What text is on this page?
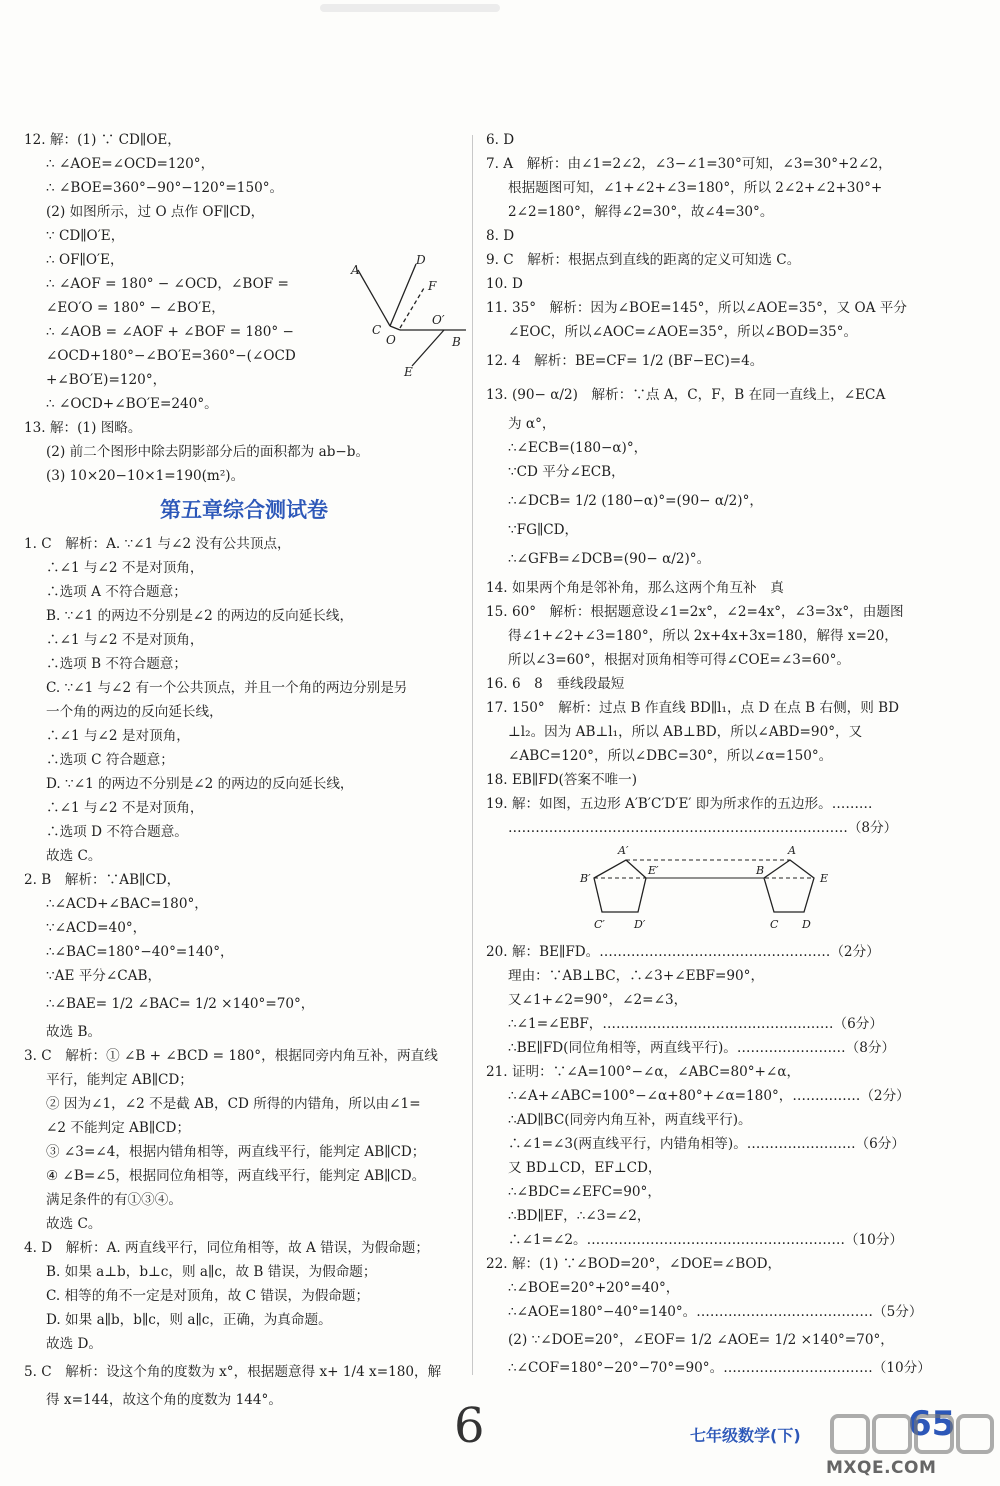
12. 解：(1) ∵ CD∥OE，
∴ ∠AOE=∠OCD=120°，
∴ ∠BOE=360°−90°−120°=150°。
(2) 如图所示，过 O 点作 OF∥CD，
∵ CD∥O′E，
∴ OF∥O′E，
∴ ∠AOF = 180° − ∠OCD，∠BOF =
∠EO′O = 180° − ∠BO′E，
∴ ∠AOB = ∠AOF + ∠BOF = 180° −
∠OCD+180°−∠BO′E=360°−(∠OCD
+∠BO′E)=120°，
∴ ∠OCD+∠BO′E=240°。
A
D
F
C
O
O′
B
E
13. 解：(1) 图略。
(2) 前二个图形中除去阴影部分后的面积都为 ab−b。
(3) 10×20−10×1=190(m²)。
第五章综合测试卷
1. C　解析：A. ∵∠1 与∠2 没有公共顶点，
∴∠1 与∠2 不是对顶角，
∴选项 A 不符合题意；
B. ∵∠1 的两边不分别是∠2 的两边的反向延长线，
∴∠1 与∠2 不是对顶角，
∴选项 B 不符合题意；
C. ∵∠1 与∠2 有一个公共顶点，并且一个角的两边分别是另
一个角的两边的反向延长线，
∴∠1 与∠2 是对顶角，
∴选项 C 符合题意；
D. ∵∠1 的两边不分别是∠2 的两边的反向延长线，
∴∠1 与∠2 不是对顶角，
∴选项 D 不符合题意。
故选 C。
2. B　解析：∵AB∥CD，
∴∠ACD+∠BAC=180°，
∵∠ACD=40°，
∴∠BAC=180°−40°=140°，
∵AE 平分∠CAB，
∴∠BAE= 1/2 ∠BAC= 1/2 ×140°=70°，
故选 B。
3. C　解析：① ∠B + ∠BCD = 180°，根据同旁内角互补，两直线
平行，能判定 AB∥CD；
② 因为∠1，∠2 不是截 AB，CD 所得的内错角，所以由∠1=
∠2 不能判定 AB∥CD；
③ ∠3=∠4，根据内错角相等，两直线平行，能判定 AB∥CD；
④ ∠B=∠5，根据同位角相等，两直线平行，能判定 AB∥CD。
满足条件的有①③④。
故选 C。
4. D　解析：A. 两直线平行，同位角相等，故 A 错误，为假命题；
B. 如果 a⊥b，b⊥c，则 a∥c，故 B 错误，为假命题；
C. 相等的角不一定是对顶角，故 C 错误，为假命题；
D. 如果 a∥b，b∥c，则 a∥c，正确，为真命题。
故选 D。
5. C　解析：设这个角的度数为 x°，根据题意得 x+ 1/4 x=180，解
得 x=144，故这个角的度数为 144°。
6. D
7. A　解析：由∠1=2∠2，∠3−∠1=30°可知，∠3=30°+2∠2，
根据题图可知，∠1+∠2+∠3=180°，所以 2∠2+∠2+30°+
2∠2=180°，解得∠2=30°，故∠4=30°。
8. D
9. C　解析：根据点到直线的距离的定义可知选 C。
10. D
11. 35°　解析：因为∠BOE=145°，所以∠AOE=35°，又 OA 平分
∠EOC，所以∠AOC=∠AOE=35°，所以∠BOD=35°。
12. 4　解析：BE=CF= 1/2 (BF−EC)=4。
13. (90− α/2)　解析：∵点 A，C，F，B 在同一直线上，∠ECA
为 α°，
∴∠ECB=(180−α)°，
∵CD 平分∠ECB，
∴∠DCB= 1/2 (180−α)°=(90− α/2)°，
∵FG∥CD，
∴∠GFB=∠DCB=(90− α/2)°。
14. 如果两个角是邻补角，那么这两个角互补　真
15. 60°　解析：根据题意设∠1=2x°，∠2=4x°，∠3=3x°，由题图
得∠1+∠2+∠3=180°，所以 2x+4x+3x=180，解得 x=20，
所以∠3=60°，根据对顶角相等可得∠COE=∠3=60°。
16. 6　8　垂线段最短
17. 150°　解析：过点 B 作直线 BD∥l₁，点 D 在点 B 右侧，则 BD
⊥l₂。因为 AB⊥l₁，所以 AB⊥BD，所以∠ABD=90°，又
∠ABC=120°，所以∠DBC=30°，所以∠α=150°。
18. EB∥FD(答案不唯一)
19. 解：如图，五边形 A′B′C′D′E′ 即为所求作的五边形。………
…………………………………………………………………（8分）
A′
B′
E′
C′	D′
A
B
E
C D
20. 解：BE∥FD。……………………………………………（2分）
理由：∵AB⊥BC，∴∠3+∠EBF=90°，
又∠1+∠2=90°，∠2=∠3，
∴∠1=∠EBF，……………………………………………（6分）
∴BE∥FD(同位角相等，两直线平行)。……………………（8分）
21. 证明：∵∠A=100°−∠α，∠ABC=80°+∠α，
∴∠A+∠ABC=100°−∠α+80°+∠α=180°，……………（2分）
∴AD∥BC(同旁内角互补，两直线平行)。
∴∠1=∠3(两直线平行，内错角相等)。……………………（6分）
又 BD⊥CD，EF⊥CD，
∴∠BDC=∠EFC=90°，
∴BD∥EF，∴∠3=∠2，
∴∠1=∠2。…………………………………………………（10分）
22. 解：(1) ∵∠BOD=20°，∠DOE=∠BOD，
∴∠BOE=20°+20°=40°，
∴∠AOE=180°−40°=140°。…………………………………（5分）
(2) ∵∠DOE=20°，∠EOF= 1/2 ∠AOE= 1/2 ×140°=70°，
∴∠COF=180°−20°−70°=90°。……………………………（10分）
6	七年级数学(下)	65
MXQE.COM
